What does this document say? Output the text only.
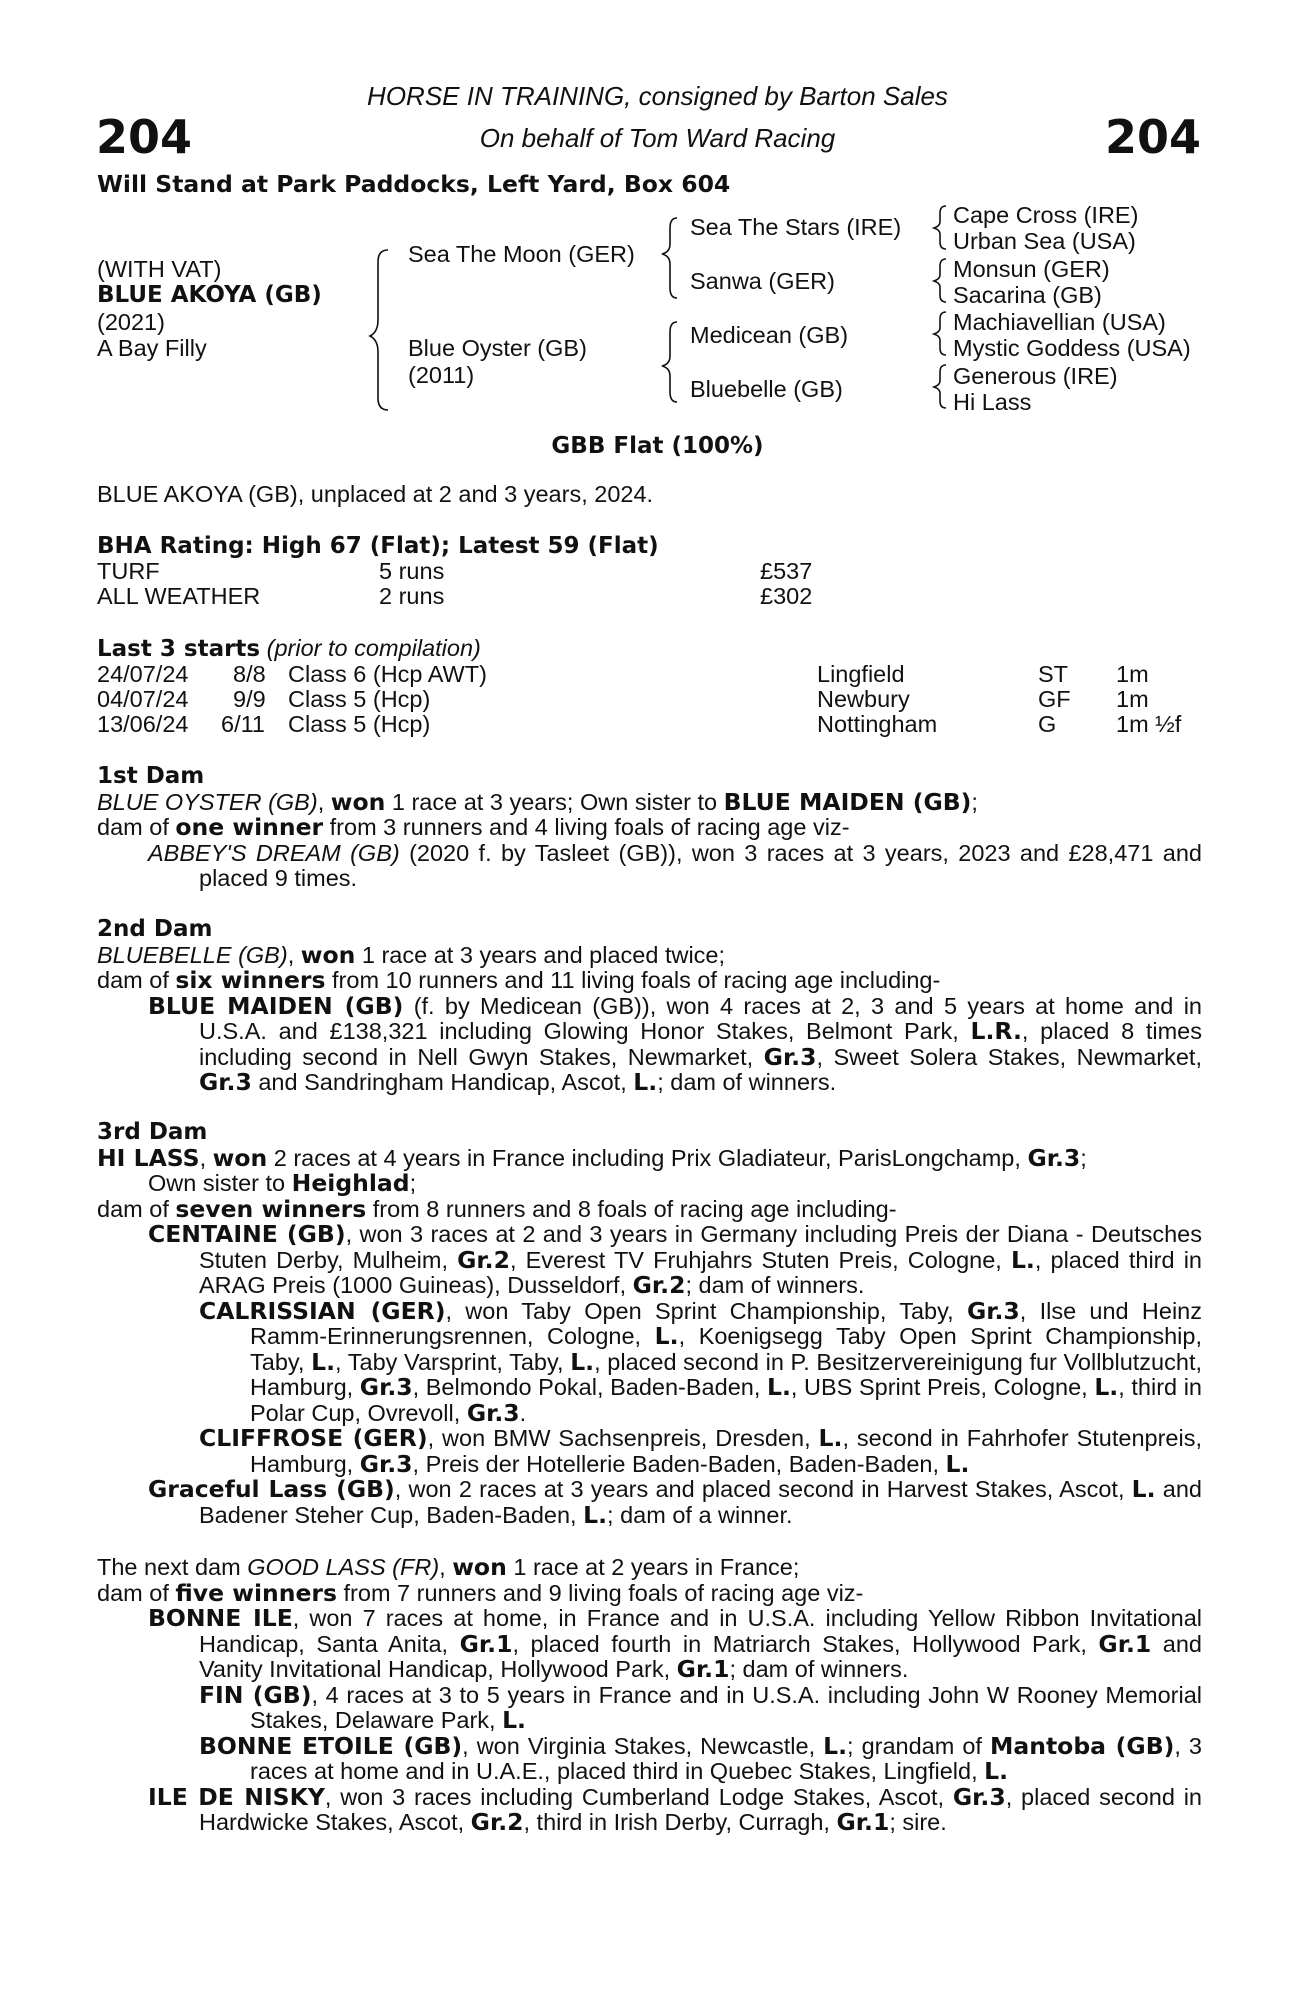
204	204
HORSE IN TRAINING, consigned by Barton Sales
On behalf of Tom Ward Racing
Will Stand at Park Paddocks, Left Yard, Box 604
(WITH VAT)
BLUE AKOYA (GB)
(2021)
A Bay Filly
Sea The Moon (GER)
Blue Oyster (GB)
(2011)
Sea The Stars (IRE)
Sanwa (GER)
Medicean (GB)
Bluebelle (GB)
Cape Cross (IRE)
Urban Sea (USA)
Monsun (GER)
Sacarina (GB)
Machiavellian (USA)
Mystic Goddess (USA)
Generous (IRE)
Hi Lass
GBB Flat (100%)
BLUE AKOYA (GB), unplaced at 2 and 3 years, 2024.
BHA Rating: High 67 (Flat); Latest 59 (Flat)
TURF	5 runs	£537
ALL WEATHER	2 runs	£302
Last 3 starts (prior to compilation)
24/07/24 8/8 Class 6 (Hcp AWT)	Lingfield	ST 1m
04/07/24 9/9 Class 5 (Hcp)	Newbury	GF 1m
13/06/24 6/11 Class 5 (Hcp)	Nottingham	G	1m ½f

1st Dam

BLUE OYSTER (GB), won 1 race at 3 years; Own sister to BLUE MAIDEN (GB);

dam of one winner from 3 runners and 4 living foals of racing age viz-

ABBEY'S DREAM (GB) (2020 f. by Tasleet (GB)), won 3 races at 3 years, 2023 and £28,471 and placed 9 times.

2nd Dam

BLUEBELLE (GB), won 1 race at 3 years and placed twice;

dam of six winners from 10 runners and 11 living foals of racing age including-

BLUE MAIDEN (GB) (f. by Medicean (GB)), won 4 races at 2, 3 and 5 years at home and in U.S.A. and £138,321 including Glowing Honor Stakes, Belmont Park, L.R., placed 8 times including second in Nell Gwyn Stakes, Newmarket, Gr.3, Sweet Solera Stakes, Newmarket, Gr.3 and Sandringham Handicap, Ascot, L.; dam of winners.

3rd Dam

HI LASS, won 2 races at 4 years in France including Prix Gladiateur, ParisLongchamp, Gr.3;

Own sister to Heighlad;

dam of seven winners from 8 runners and 8 foals of racing age including-

CENTAINE (GB), won 3 races at 2 and 3 years in Germany including Preis der Diana - Deutsches Stuten Derby, Mulheim, Gr.2, Everest TV Fruhjahrs Stuten Preis, Cologne, L., placed third in ARAG Preis (1000 Guineas), Dusseldorf, Gr.2; dam of winners.

CALRISSIAN (GER), won Taby Open Sprint Championship, Taby, Gr.3, Ilse und Heinz Ramm-Erinnerungsrennen, Cologne, L., Koenigsegg Taby Open Sprint Championship, Taby, L., Taby Varsprint, Taby, L., placed second in P. Besitzervereinigung fur Vollblutzucht, Hamburg, Gr.3, Belmondo Pokal, Baden-Baden, L., UBS Sprint Preis, Cologne, L., third in Polar Cup, Ovrevoll, Gr.3.

CLIFFROSE (GER), won BMW Sachsenpreis, Dresden, L., second in Fahrhofer Stutenpreis, Hamburg, Gr.3, Preis der Hotellerie Baden-Baden, Baden-Baden, L.

Graceful Lass (GB), won 2 races at 3 years and placed second in Harvest Stakes, Ascot, L. and Badener Steher Cup, Baden-Baden, L.; dam of a winner.

The next dam GOOD LASS (FR), won 1 race at 2 years in France;

dam of five winners from 7 runners and 9 living foals of racing age viz-

BONNE ILE, won 7 races at home, in France and in U.S.A. including Yellow Ribbon Invitational Handicap, Santa Anita, Gr.1, placed fourth in Matriarch Stakes, Hollywood Park, Gr.1 and Vanity Invitational Handicap, Hollywood Park, Gr.1; dam of winners.

FIN (GB), 4 races at 3 to 5 years in France and in U.S.A. including John W Rooney Memorial Stakes, Delaware Park, L.

BONNE ETOILE (GB), won Virginia Stakes, Newcastle, L.; grandam of Mantoba (GB), 3 races at home and in U.A.E., placed third in Quebec Stakes, Lingfield, L.

ILE DE NISKY, won 3 races including Cumberland Lodge Stakes, Ascot, Gr.3, placed second in Hardwicke Stakes, Ascot, Gr.2, third in Irish Derby, Curragh, Gr.1; sire.
